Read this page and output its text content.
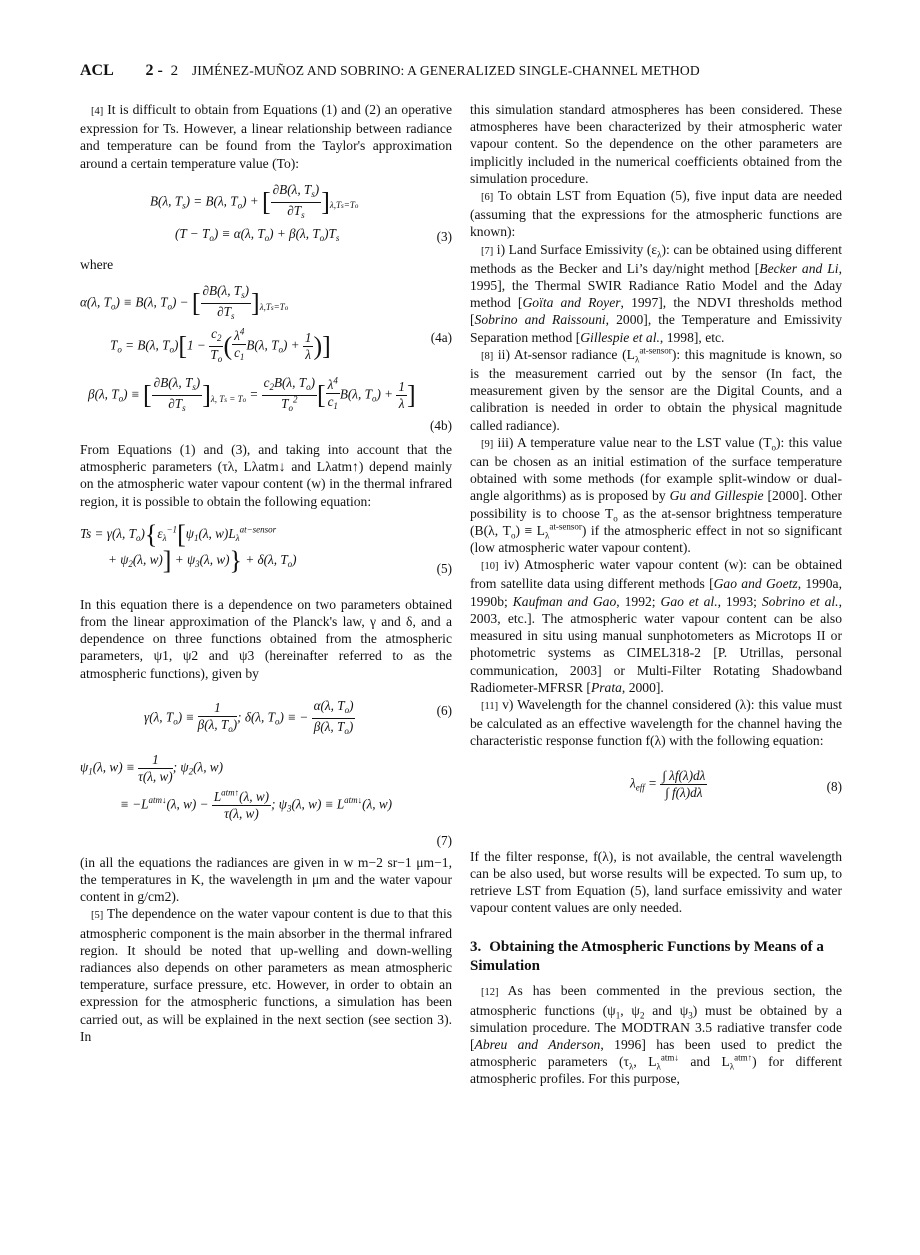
ACL 2 - 2 JIMÉNEZ-MUÑOZ AND SOBRINO: A GENERALIZED SINGLE-CHANNEL METHOD

[4] It is difficult to obtain from Equations (1) and (2) an operative expression for Ts. However, a linear relationship between radiance and temperature can be found from the Taylor's approximation around a certain temperature value (To):

B(λ, $T_s) = B(\lambda$, $T_o$) + [ $\frac{\partial B(\lambda, T_s)}{\partial T_s} ]_{\lambda,Ts=To}$
$(T - T_o) \equiv \alpha(\lambda$, $T_o) + \beta(\lambda$, $T_o)T_s$	(3)

where

α(λ, $T_o) \equiv B(\lambda$, $T_o$) − [ $\frac{\partial B(\lambda, T_s)}{\partial T_s} ]_{\lambda,Ts=To}$
$T_o = B(\lambda$, $T_o)[1 - \frac{c_2}{T_o}$ ( $\frac{\lambda^4}{c_1} B(\lambda$, $T_o) + \frac{1}{\lambda}$ )]	(4a)
β(λ, $T_o$) ≡ [ $\frac{\partial B(\lambda, T_s)}{\partial T_s} ]_{\lambda, Ts = To} = \frac{c_2B(\lambda, T_o)}{T_o^2}$ [ $\frac{\lambda^4}{c_1} B(\lambda$, $T_o) + \frac{1}{\lambda}$ ]
(4b)

From Equations (1) and (3), and taking into account that the atmospheric parameters (τλ, Lλatm↓ and Lλatm↑) depend mainly on the atmospheric water vapour content (w) in the thermal infrared region, it is possible to obtain the following equation:

Ts = γ(λ, $T_o)\{\varepsilon_\lambda^{-1}[\psi_1(\lambda$, $w)L_\lambda^{at-sensor}$
+ $\psi_2(\lambda$, $w)] + \psi_3(\lambda$, w)} + δ(λ, $T_o$)
(5)

In this equation there is a dependence on two parameters obtained from the linear approximation of the Planck's law, γ and δ, and a dependence on three functions obtained from the atmospheric parameters, ψ1, ψ2 and ψ3 (hereinafter referred to as the atmospheric functions), given by

γ(λ, $T_o) \equiv \frac{1}{\beta(\lambda, T_o)}$ ; δ(λ, $T_o$) ≡ − $\frac{\alpha(\lambda, T_o)}{\beta(\lambda, T_o)}$	(6)
$\psi_1(\lambda$, $w) \equiv \frac{1}{\tau(\lambda, w)}$ ; $\psi_2(\lambda$, w)
≡ $-L^{atm↓}(\lambda$, $w) - \frac{L^{atm↑}(\lambda, w)}{\tau(\lambda, w)}$ ; $\psi_3(\lambda$, $w) \equiv L^{atm↓}(\lambda$, w)
(7)

(in all the equations the radiances are given in w m−2 sr−1 μm−1, the temperatures in K, the wavelength in μm and the water vapour content in g/cm2).

[5] The dependence on the water vapour content is due to that this atmospheric component is the main absorber in the thermal infrared region. It should be noted that up-welling and down-welling radiances also depends on other parameters as mean atmospheric temperature, surface pressure, etc. However, in order to obtain an expression for the atmospheric functions, a simulation has been carried out, as will be explained in the next section (see section 3). In

this simulation standard atmospheres has been considered. These atmospheres have been characterized by their atmospheric water vapour content. So the dependence on the other parameters are implicitly included in the numerical coefficients obtained from the simulation procedure.

[6] To obtain LST from Equation (5), five input data are needed (assuming that the expressions for the atmospheric functions are known):

[7] i) Land Surface Emissivity $(\varepsilon_\lambda)$: can be obtained using different methods as the Becker and Li’s day/night method [Becker and Li, 1995], the Thermal SWIR Radiance Ratio Model and the ∆day method [Goïta and Royer, 1997], the NDVI thresholds method [Sobrino and Raissouni, 2000], the Temperature and Emissivity Separation method [Gillespie et al., 1998], etc.

[8] ii) At-sensor radiance $(L_\lambda^{at-sensor})$: this magnitude is known, so is the measurement carried out by the sensor (In fact, the measurement given by the sensor are the Digital Counts, and a calibration is needed in order to obtain the physical magnitude called radiance).

[9] iii) A temperature value near to the LST value $(T_o)$: this value can be chosen as an initial estimation of the surface temperature obtained with some methods (for example split-window or dual-angle algorithms) as is proposed by Gu and Gillespie [2000]. Other possibility is to choose $T_o$ as the at-sensor brightness temperature (B(λ, $T_o) \equiv L_\lambda^{at-sensor}$) if the atmospheric effect in not so significant (low atmospheric water vapour content).

[10] iv) Atmospheric water vapour content (w): can be obtained from satellite data using different methods [Gao and Goetz, 1990a, 1990b; Kaufman and Gao, 1992; Gao et al., 1993; Sobrino et al., 2003, etc.]. The atmospheric water vapour content can be also measured in situ using manual sunphotometers as Microtops II or photometric systems as CIMEL318-2 [P. Utrillas, personal communication, 2003] or Multi-Filter Rotating Shadowband Radiometer-MFRSR [Prata, 2000].

[11] v) Wavelength for the channel considered (λ): this value must be calculated as an effective wavelength for the channel having the characteristic response function f(λ) with the following equation:

$\lambda_{eff} = \frac{\int \lambda f(\lambda)d\lambda}{\int f(\lambda)d\lambda}$	(8)

If the filter response, f(λ), is not available, the central wavelength can be also used, but worse results will be expected. To sum up, to retrieve LST from Equation (5), land surface emissivity and water vapour content values are only needed.

3. Obtaining the Atmospheric Functions by Means of a Simulation

[12] As has been commented in the previous section, the atmospheric functions ($\psi_1$, $\psi_2$ and $\psi_3$) must be obtained by a simulation procedure. The MODTRAN 3.5 radiative transfer code [Abreu and Anderson, 1996] has been used to predict the atmospheric parameters ($\tau_\lambda$, $L_\lambda^{atm↓}$ and $L_\lambda^{atm↑}$) for different atmospheric profiles. For this purpose,
